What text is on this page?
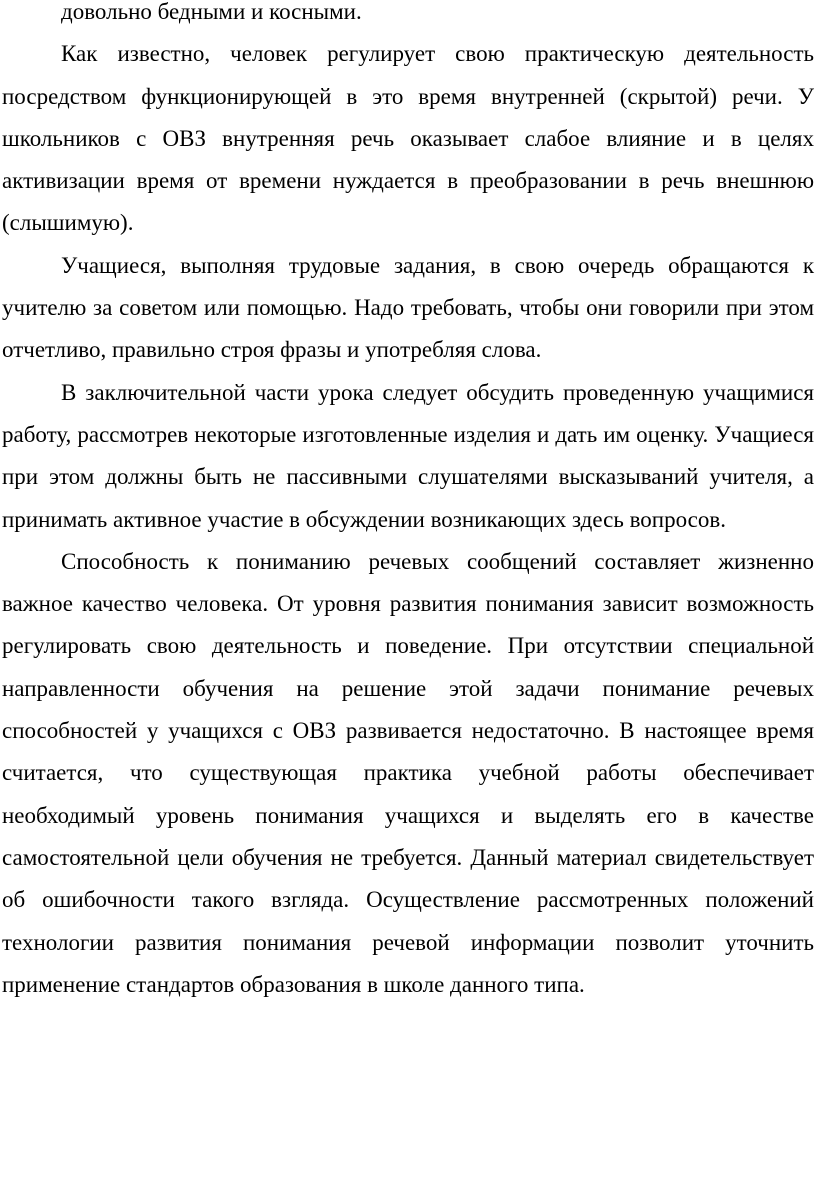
довольно бедными и косными.

Как известно, человек регулирует свою практическую деятельность посредством функционирующей в это время внутренней (скрытой) речи. У школьников с ОВЗ внутренняя речь оказывает слабое влияние и в целях активизации время от времени нуждается в преобразовании в речь внешнюю (слышимую).

Учащиеся, выполняя трудовые задания, в свою очередь обращаются к учителю за советом или помощью. Надо требовать, чтобы они говорили при этом отчетливо, правильно строя фразы и употребляя слова.

В заключительной части урока следует обсудить проведенную учащимися работу, рассмотрев некоторые изготовленные изделия и дать им оценку. Учащиеся при этом должны быть не пассивными слушателями высказываний учителя, а принимать активное участие в обсуждении возникающих здесь вопросов.

Способность к пониманию речевых сообщений составляет жизненно важное качество человека. От уровня развития понимания зависит возможность регулировать свою деятельность и поведение. При отсутствии специальной направленности обучения на решение этой задачи понимание речевых способностей у учащихся с ОВЗ развивается недостаточно. В настоящее время считается, что существующая практика учебной работы обеспечивает необходимый уровень понимания учащихся и выделять его в качестве самостоятельной цели обучения не требуется. Данный материал свидетельствует об ошибочности такого взгляда. Осуществление рассмотренных положений технологии развития понимания речевой информации позволит уточнить применение стандартов образования в школе данного типа.
